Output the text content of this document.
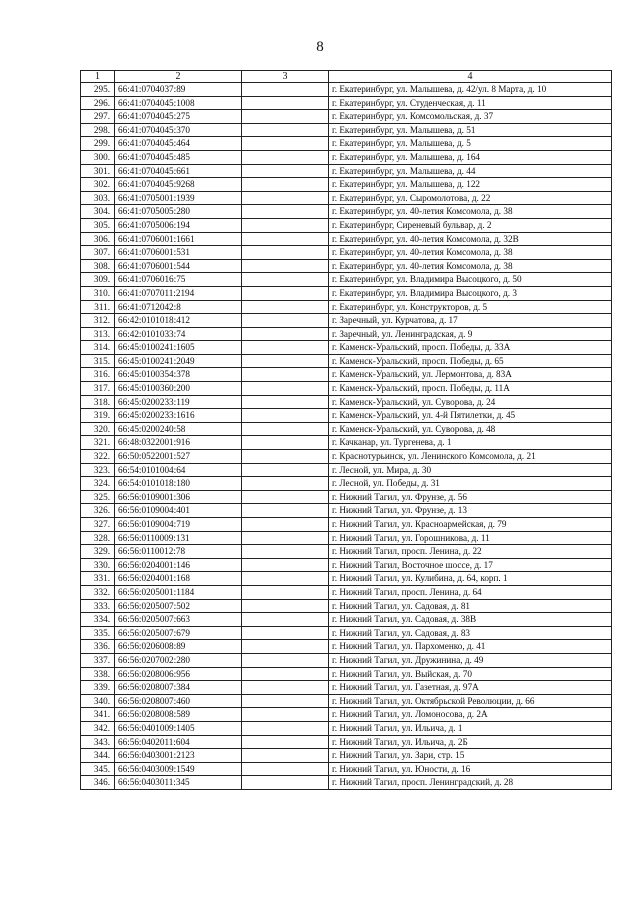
8
1	2	3	4
295.	66:41:0704037:89		г. Екатеринбург, ул. Малышева, д. 42/ул. 8 Марта, д. 10
296.	66:41:0704045:1008		г. Екатеринбург, ул. Студенческая, д. 11
297.	66:41:0704045:275		г. Екатеринбург, ул. Комсомольская, д. 37
298.	66:41:0704045:370		г. Екатеринбург, ул. Малышева, д. 51
299.	66:41:0704045:464		г. Екатеринбург, ул. Малышева, д. 5
300.	66:41:0704045:485		г. Екатеринбург, ул. Малышева, д. 164
301.	66:41:0704045:661		г. Екатеринбург, ул. Малышева, д. 44
302.	66:41:0704045:9268		г. Екатеринбург, ул. Малышева, д. 122
303.	66:41:0705001:1939		г. Екатеринбург, ул. Сыромолотова, д. 22
304.	66:41:0705005:280		г. Екатеринбург, ул. 40-летия Комсомола, д. 38
305.	66:41:0705006:194		г. Екатеринбург, Сиреневый бульвар, д. 2
306.	66:41:0706001:1661		г. Екатеринбург, ул. 40-летия Комсомола, д. 32В
307.	66:41:0706001:531		г. Екатеринбург, ул. 40-летия Комсомола, д. 38
308.	66:41:0706001:544		г. Екатеринбург, ул. 40-летия Комсомола, д. 38
309.	66:41:0706016:75		г. Екатеринбург, ул. Владимира Высоцкого, д. 50
310.	66:41:0707011:2194		г. Екатеринбург, ул. Владимира Высоцкого, д. 3
311.	66:41:0712042:8		г. Екатеринбург, ул. Конструкторов, д. 5
312.	66:42:0101018:412		г. Заречный, ул. Курчатова, д. 17
313.	66:42:0101033:74		г. Заречный, ул. Ленинградская, д. 9
314.	66:45:0100241:1605		г. Каменск-Уральский, просп. Победы, д. 33А
315.	66:45:0100241:2049		г. Каменск-Уральский, просп. Победы, д. 65
316.	66:45:0100354:378		г. Каменск-Уральский, ул. Лермонтова, д. 83А
317.	66:45:0100360:200		г. Каменск-Уральский, просп. Победы, д. 11А
318.	66:45:0200233:119		г. Каменск-Уральский, ул. Суворова, д. 24
319.	66:45:0200233:1616		г. Каменск-Уральский, ул. 4-й Пятилетки, д. 45
320.	66:45:0200240:58		г. Каменск-Уральский, ул. Суворова, д. 48
321.	66:48:0322001:916		г. Качканар, ул. Тургенева, д. 1
322.	66:50:0522001:527		г. Краснотурьинск, ул. Ленинского Комсомола, д. 21
323.	66:54:0101004:64		г. Лесной, ул. Мира, д. 30
324.	66:54:0101018:180		г. Лесной, ул. Победы, д. 31
325.	66:56:0109001:306		г. Нижний Тагил, ул. Фрунзе, д. 56
326.	66:56:0109004:401		г. Нижний Тагил, ул. Фрунзе, д. 13
327.	66:56:0109004:719		г. Нижний Тагил, ул. Красноармейская, д. 79
328.	66:56:0110009:131		г. Нижний Тагил, ул. Горошникова, д. 11
329.	66:56:0110012:78		г. Нижний Тагил, просп. Ленина, д. 22
330.	66:56:0204001:146		г. Нижний Тагил, Восточное шоссе, д. 17
331.	66:56:0204001:168		г. Нижний Тагил, ул. Кулибина, д. 64, корп. 1
332.	66:56:0205001:1184		г. Нижний Тагил, просп. Ленина, д. 64
333.	66:56:0205007:502		г. Нижний Тагил, ул. Садовая, д. 81
334.	66:56:0205007:663		г. Нижний Тагил, ул. Садовая, д. 38В
335.	66:56:0205007:679		г. Нижний Тагил, ул. Садовая, д. 83
336.	66:56:0206008:89		г. Нижний Тагил, ул. Пархоменко, д. 41
337.	66:56:0207002:280		г. Нижний Тагил, ул. Дружинина, д. 49
338.	66:56:0208006:956		г. Нижний Тагил, ул. Выйская, д. 70
339.	66:56:0208007:384		г. Нижний Тагил, ул. Газетная, д. 97А
340.	66:56:0208007:460		г. Нижний Тагил, ул. Октябрьской Революции, д. 66
341.	66:56:0208008:589		г. Нижний Тагил, ул. Ломоносова, д. 2А
342.	66:56:0401009:1405		г. Нижний Тагил, ул. Ильича, д. 1
343.	66:56:0402011:604		г. Нижний Тагил, ул. Ильича, д. 2Б
344.	66:56:0403001:2123		г. Нижний Тагил, ул. Зари, стр. 15
345.	66:56:0403009:1549		г. Нижний Тагил, ул. Юности, д. 16
346.	66:56:0403011:345		г. Нижний Тагил, просп. Ленинградский, д. 28
